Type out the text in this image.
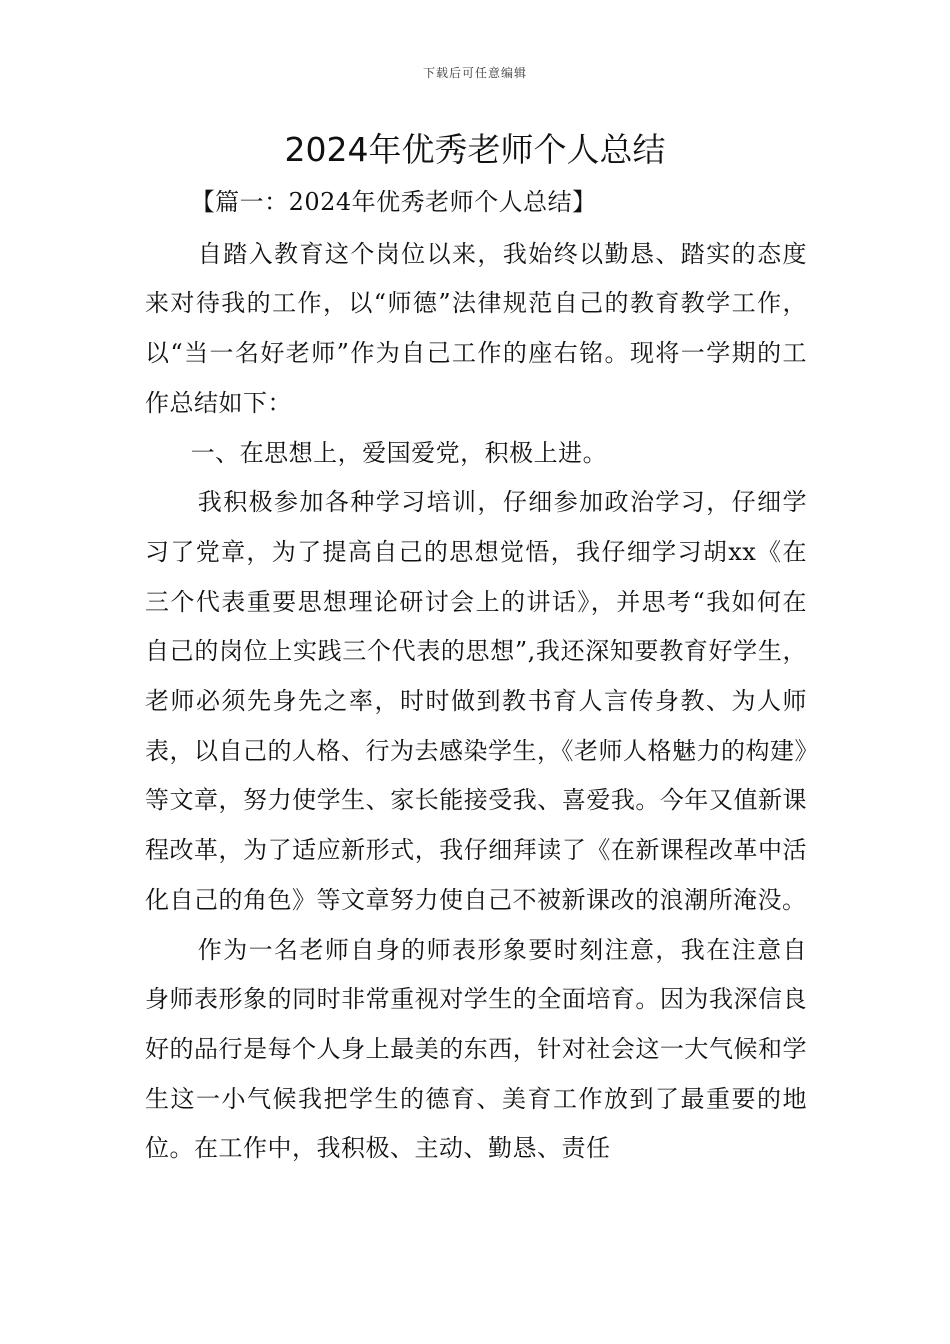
下载后可任意编辑
2024年优秀老师个人总结

【篇一：2024年优秀老师个人总结】

自踏入教育这个岗位以来，我始终以勤恳、踏实的态度来对待我的工作，以“师德”法律规范自己的教育教学工作，以“当一名好老师”作为自己工作的座右铭。现将一学期的工作总结如下：

一、在思想上，爱国爱党，积极上进。

我积极参加各种学习培训，仔细参加政治学习，仔细学习了党章，为了提高自己的思想觉悟，我仔细学习胡xx《在三个代表重要思想理论研讨会上的讲话》，并思考“我如何在自己的岗位上实践三个代表的思想”,我还深知要教育好学生，老师必须先身先之率，时时做到教书育人言传身教、为人师表，以自己的人格、行为去感染学生，《老师人格魅力的构建》等文章，努力使学生、家长能接受我、喜爱我。今年又值新课程改革，为了适应新形式，我仔细拜读了《在新课程改革中活化自己的角色》等文章努力使自己不被新课改的浪潮所淹没。

作为一名老师自身的师表形象要时刻注意，我在注意自身师表形象的同时非常重视对学生的全面培育。因为我深信良好的品行是每个人身上最美的东西，针对社会这一大气候和学生这一小气候我把学生的德育、美育工作放到了最重要的地位。在工作中，我积极、主动、勤恳、责任
